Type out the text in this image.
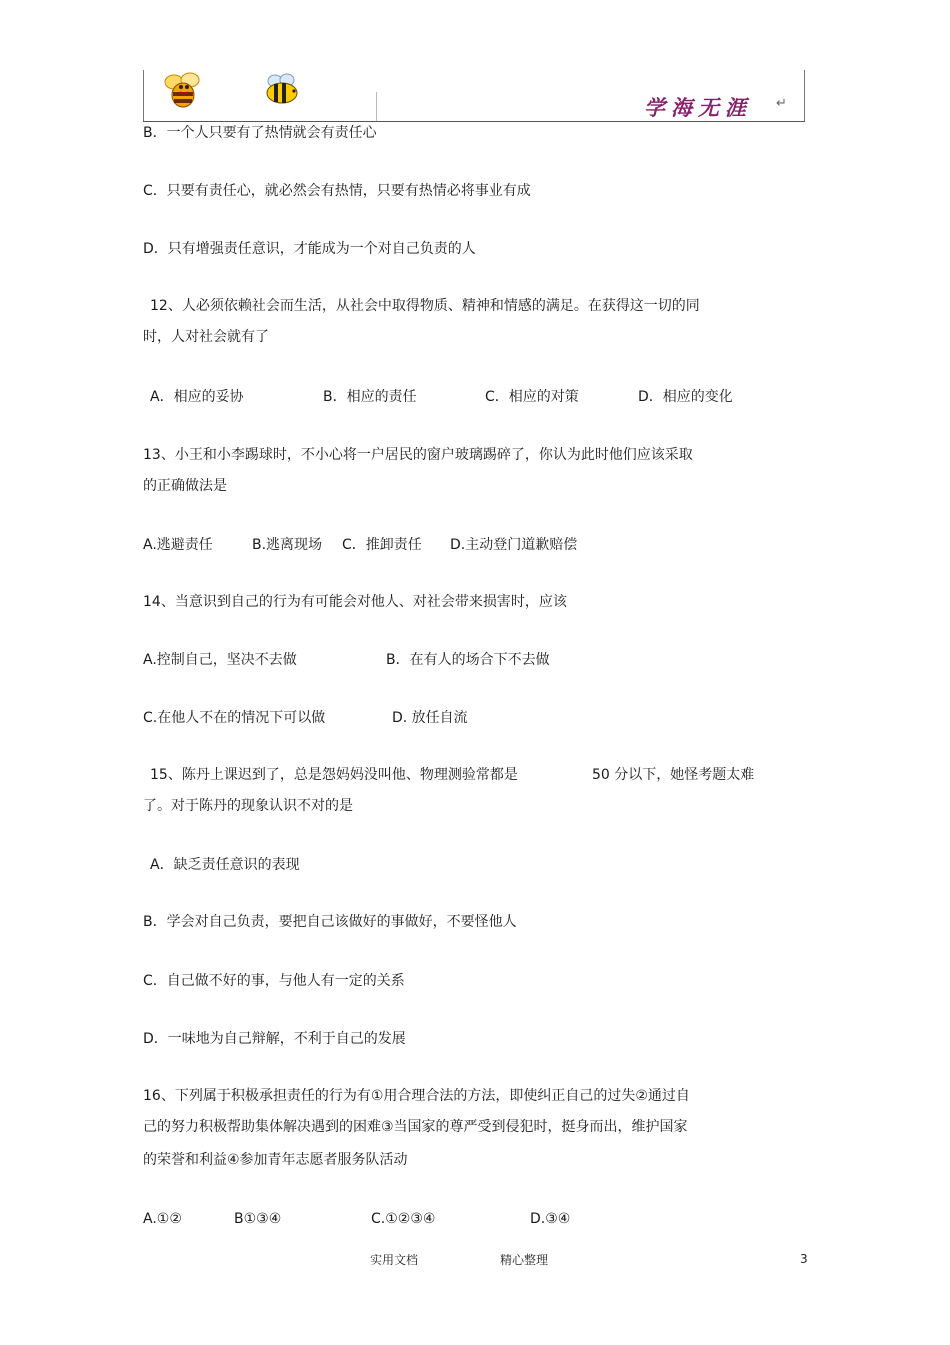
学海无涯 ↵
B．一个人只要有了热情就会有责任心
C．只要有责任心，就必然会有热情，只要有热情必将事业有成
D．只有增强责任意识，才能成为一个对自己负责的人
12、人必须依赖社会而生活，从社会中取得物质、精神和情感的满足。在获得这一切的同
时，人对社会就有了
A．相应的妥协	B．相应的责任	C．相应的对策	D．相应的变化
13、小王和小李踢球时，不小心将一户居民的窗户玻璃踢碎了，你认为此时他们应该采取
的正确做法是
A.逃避责任	B.逃离现场 C．推卸责任 D.主动登门道歉赔偿
14、当意识到自己的行为有可能会对他人、对社会带来损害时，应该
A.控制自己，坚决不去做	B．在有人的场合下不去做
C.在他人不在的情况下可以做	D. 放任自流
15、陈丹上课迟到了，总是怨妈妈没叫他、物理测验常都是	50 分以下，她怪考题太难
了。对于陈丹的现象认识不对的是
A．缺乏责任意识的表现
B．学会对自己负责，要把自己该做好的事做好，不要怪他人
C．自己做不好的事，与他人有一定的关系
D．一味地为自己辩解，不利于自己的发展
16、下列属于积极承担责任的行为有①用合理合法的方法，即使纠正自己的过失②通过自
己的努力积极帮助集体解决遇到的困难③当国家的尊严受到侵犯时，挺身而出，维护国家
的荣誉和利益④参加青年志愿者服务队活动
A.①②	B①③④	C.①②③④	D.③④
实用文档	精心整理	3
